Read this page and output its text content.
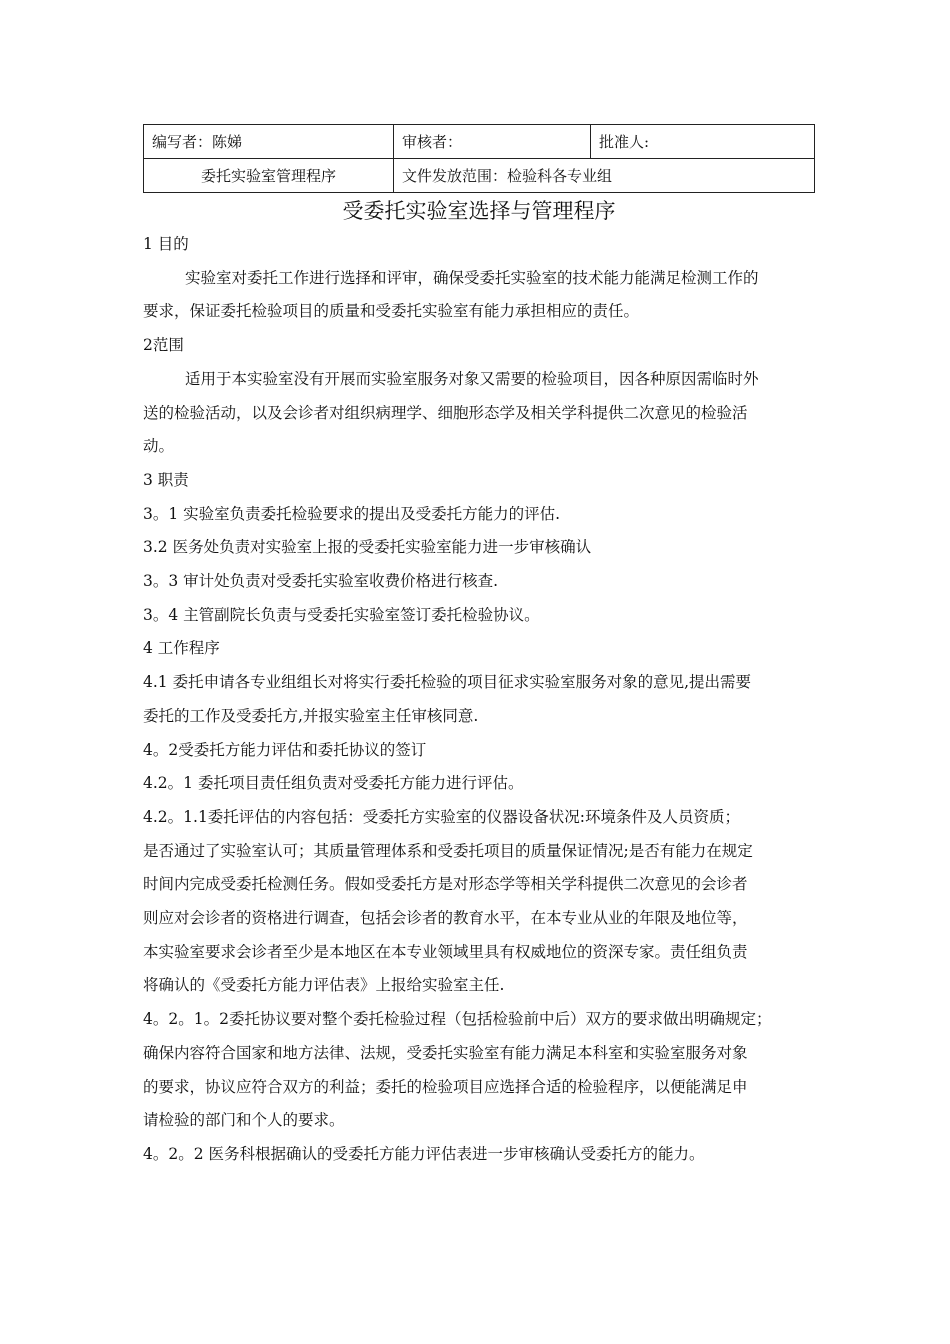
编写者：陈娣	审核者：	批准人:
委托实验室管理程序	文件发放范围：检验科各专业组	
受委托实验室选择与管理程序
1 目的
实验室对委托工作进行选择和评审，确保受委托实验室的技术能力能满足检测工作的
要求，保证委托检验项目的质量和受委托实验室有能力承担相应的责任。
2范围
适用于本实验室没有开展而实验室服务对象又需要的检验项目，因各种原因需临时外
送的检验活动，以及会诊者对组织病理学、细胞形态学及相关学科提供二次意见的检验活
动。
3 职责
3。1 实验室负责委托检验要求的提出及受委托方能力的评估.
3.2 医务处负责对实验室上报的受委托实验室能力进一步审核确认
3。3 审计处负责对受委托实验室收费价格进行核查.
3。4 主管副院长负责与受委托实验室签订委托检验协议。
4 工作程序
4.1 委托申请各专业组组长对将实行委托检验的项目征求实验室服务对象的意见,提出需要
委托的工作及受委托方,并报实验室主任审核同意.
4。2受委托方能力评估和委托协议的签订
4.2。1 委托项目责任组负责对受委托方能力进行评估。
4.2。1.1委托评估的内容包括：受委托方实验室的仪器设备状况:环境条件及人员资质；
是否通过了实验室认可；其质量管理体系和受委托项目的质量保证情况;是否有能力在规定
时间内完成受委托检测任务。假如受委托方是对形态学等相关学科提供二次意见的会诊者
则应对会诊者的资格进行调查，包括会诊者的教育水平，在本专业从业的年限及地位等，
本实验室要求会诊者至少是本地区在本专业领域里具有权威地位的资深专家。责任组负责
将确认的《受委托方能力评估表》上报给实验室主任.
4。2。1。2委托协议要对整个委托检验过程（包括检验前中后）双方的要求做出明确规定；
确保内容符合国家和地方法律、法规，受委托实验室有能力满足本科室和实验室服务对象
的要求，协议应符合双方的利益；委托的检验项目应选择合适的检验程序，以便能满足申
请检验的部门和个人的要求。
4。2。2 医务科根据确认的受委托方能力评估表进一步审核确认受委托方的能力。
